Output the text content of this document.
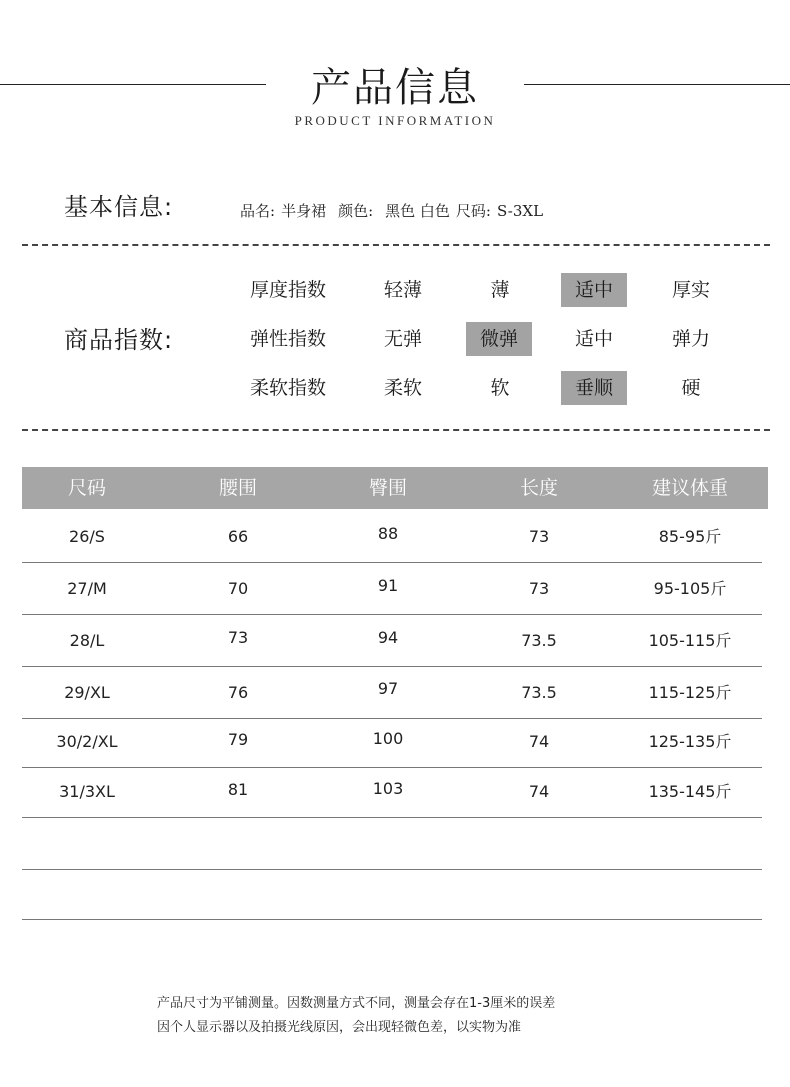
产品信息
PRODUCT INFORMATION
基本信息:	品名: 半身裙 颜色: 黑色 白色 尺码: S-3XL
商品指数:
厚度指数	轻薄	薄	适中	厚实
弹性指数	无弹	微弹	适中	弹力
柔软指数	柔软	软	垂顺	硬
尺码	腰围	臀围	长度	建议体重
26/S	66	88	73	85-95斤
27/M	70	91	73	95-105斤
28/L	73	94	73.5	105-115斤
29/XL	76	97	73.5	115-125斤
30/2/XL	79	100	74	125-135斤
31/3XL	81	103	74	135-145斤
产品尺寸为平铺测量。因数测量方式不同，测量会存在1-3厘米的误差
因个人显示器以及拍摄光线原因，会出现轻微色差，以实物为准
